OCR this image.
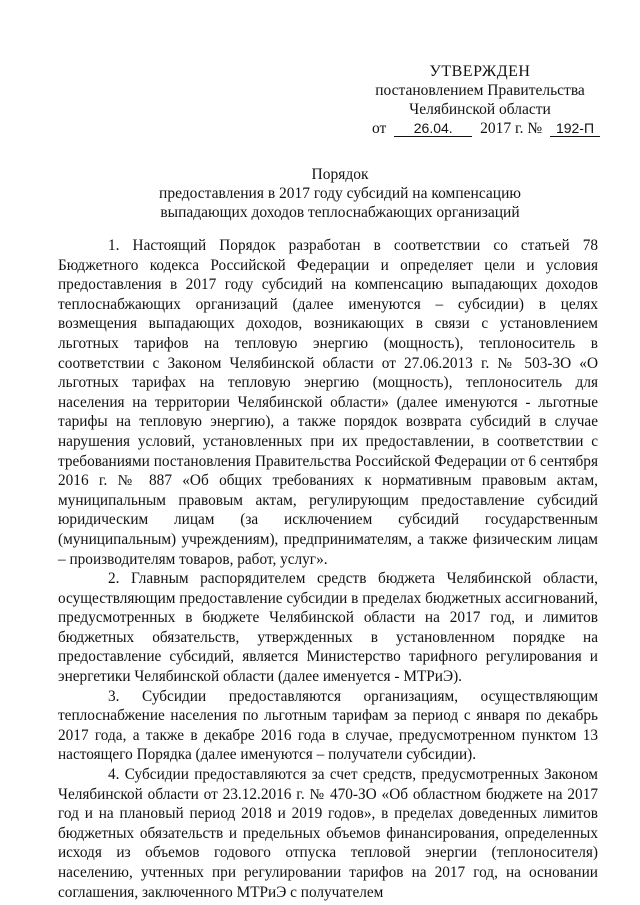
УТВЕРЖДЕН
постановлением Правительства
Челябинской области
от 26.04. 2017 г. № 192-П
Порядок
предоставления в 2017 году субсидий на компенсацию
выпадающих доходов теплоснабжающих организаций

1. Настоящий Порядок разработан в соответствии со статьей 78 Бюджетного кодекса Российской Федерации и определяет цели и условия предоставления в 2017 году субсидий на компенсацию выпадающих доходов теплоснабжающих организаций (далее именуются – субсидии) в целях возмещения выпадающих доходов, возникающих в связи с установлением льготных тарифов на тепловую энергию (мощность), теплоноситель в соответствии с Законом Челябинской области от 27.06.2013 г. № 503-ЗО «О льготных тарифах на тепловую энергию (мощность), теплоноситель для населения на территории Челябинской области» (далее именуются - льготные тарифы на тепловую энергию), а также порядок возврата субсидий в случае нарушения условий, установленных при их предоставлении, в соответствии с требованиями постановления Правительства Российской Федерации от 6 сентября 2016 г. № 887 «Об общих требованиях к нормативным правовым актам, муниципальным правовым актам, регулирующим предоставление субсидий юридическим лицам (за исключением субсидий государственным (муниципальным) учреждениям), предпринимателям, а также физическим лицам – производителям товаров, работ, услуг».

2. Главным распорядителем средств бюджета Челябинской области, осуществляющим предоставление субсидии в пределах бюджетных ассигнований, предусмотренных в бюджете Челябинской области на 2017 год, и лимитов бюджетных обязательств, утвержденных в установленном порядке на предоставление субсидий, является Министерство тарифного регулирования и энергетики Челябинской области (далее именуется - МТРиЭ).

3. Субсидии предоставляются организациям, осуществляющим теплоснабжение населения по льготным тарифам за период с января по декабрь 2017 года, а также в декабре 2016 года в случае, предусмотренном пунктом 13 настоящего Порядка (далее именуются – получатели субсидии).

4. Субсидии предоставляются за счет средств, предусмотренных Законом Челябинской области от 23.12.2016 г. № 470-ЗО «Об областном бюджете на 2017 год и на плановый период 2018 и 2019 годов», в пределах доведенных лимитов бюджетных обязательств и предельных объемов финансирования, определенных исходя из объемов годового отпуска тепловой энергии (теплоносителя) населению, учтенных при регулировании тарифов на 2017 год, на основании соглашения, заключенного МТРиЭ с получателем
